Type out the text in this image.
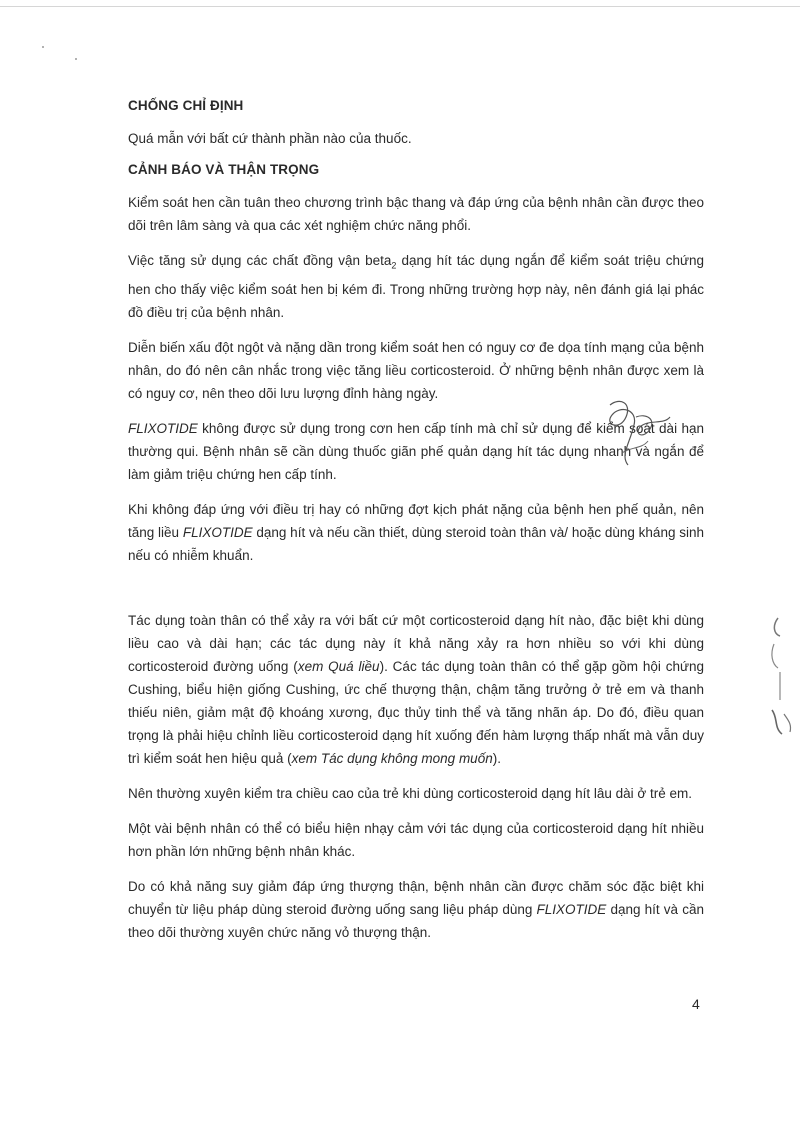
CHỐNG CHỈ ĐỊNH

Quá mẫn với bất cứ thành phần nào của thuốc.

CẢNH BÁO VÀ THẬN TRỌNG

Kiểm soát hen cần tuân theo chương trình bậc thang và đáp ứng của bệnh nhân cần được theo dõi trên lâm sàng và qua các xét nghiệm chức năng phổi.

Việc tăng sử dụng các chất đồng vận beta$_2$ dạng hít tác dụng ngắn để kiểm soát triệu chứng hen cho thấy việc kiểm soát hen bị kém đi. Trong những trường hợp này, nên đánh giá lại phác đồ điều trị của bệnh nhân.

Diễn biến xấu đột ngột và nặng dần trong kiểm soát hen có nguy cơ đe dọa tính mạng của bệnh nhân, do đó nên cân nhắc trong việc tăng liều corticosteroid. Ở những bệnh nhân được xem là có nguy cơ, nên theo dõi lưu lượng đỉnh hàng ngày.

FLIXOTIDE không được sử dụng trong cơn hen cấp tính mà chỉ sử dụng để kiểm soát dài hạn thường qui. Bệnh nhân sẽ cần dùng thuốc giãn phế quản dạng hít tác dụng nhanh và ngắn để làm giảm triệu chứng hen cấp tính.

Khi không đáp ứng với điều trị hay có những đợt kịch phát nặng của bệnh hen phế quản, nên tăng liều FLIXOTIDE dạng hít và nếu cần thiết, dùng steroid toàn thân và/ hoặc dùng kháng sinh nếu có nhiễm khuẩn.

Tác dụng toàn thân có thể xảy ra với bất cứ một corticosteroid dạng hít nào, đặc biệt khi dùng liều cao và dài hạn; các tác dụng này ít khả năng xảy ra hơn nhiều so với khi dùng corticosteroid đường uống (xem Quá liều). Các tác dụng toàn thân có thể gặp gồm hội chứng Cushing, biểu hiện giống Cushing, ức chế thượng thận, chậm tăng trưởng ở trẻ em và thanh thiếu niên, giảm mật độ khoáng xương, đục thủy tinh thể và tăng nhãn áp. Do đó, điều quan trọng là phải hiệu chỉnh liều corticosteroid dạng hít xuống đến hàm lượng thấp nhất mà vẫn duy trì kiểm soát hen hiệu quả (xem Tác dụng không mong muốn).

Nên thường xuyên kiểm tra chiều cao của trẻ khi dùng corticosteroid dạng hít lâu dài ở trẻ em.

Một vài bệnh nhân có thể có biểu hiện nhạy cảm với tác dụng của corticosteroid dạng hít nhiều hơn phần lớn những bệnh nhân khác.

Do có khả năng suy giảm đáp ứng thượng thận, bệnh nhân cần được chăm sóc đặc biệt khi chuyển từ liệu pháp dùng steroid đường uống sang liệu pháp dùng FLIXOTIDE dạng hít và cần theo dõi thường xuyên chức năng vỏ thượng thận.

4
